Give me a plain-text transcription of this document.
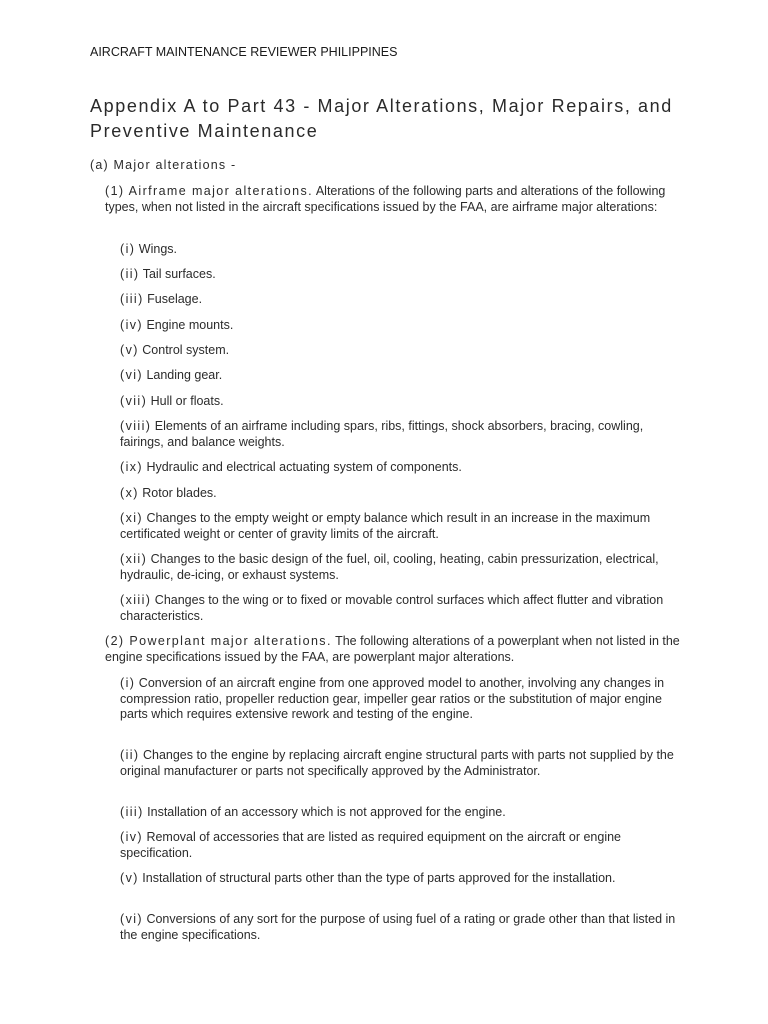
AIRCRAFT MAINTENANCE REVIEWER PHILIPPINES
Appendix A to Part 43 - Major Alterations, Major Repairs, and Preventive Maintenance
(a) Major alterations -
(1) Airframe major alterations. Alterations of the following parts and alterations of the following types, when not listed in the aircraft specifications issued by the FAA, are airframe major alterations:
(i) Wings.
(ii) Tail surfaces.
(iii) Fuselage.
(iv) Engine mounts.
(v) Control system.
(vi) Landing gear.
(vii) Hull or floats.
(viii) Elements of an airframe including spars, ribs, fittings, shock absorbers, bracing, cowling, fairings, and balance weights.
(ix) Hydraulic and electrical actuating system of components.
(x) Rotor blades.
(xi) Changes to the empty weight or empty balance which result in an increase in the maximum certificated weight or center of gravity limits of the aircraft.
(xii) Changes to the basic design of the fuel, oil, cooling, heating, cabin pressurization, electrical, hydraulic, de-icing, or exhaust systems.
(xiii) Changes to the wing or to fixed or movable control surfaces which affect flutter and vibration characteristics.
(2) Powerplant major alterations. The following alterations of a powerplant when not listed in the engine specifications issued by the FAA, are powerplant major alterations.
(i) Conversion of an aircraft engine from one approved model to another, involving any changes in compression ratio, propeller reduction gear, impeller gear ratios or the substitution of major engine parts which requires extensive rework and testing of the engine.
(ii) Changes to the engine by replacing aircraft engine structural parts with parts not supplied by the original manufacturer or parts not specifically approved by the Administrator.
(iii) Installation of an accessory which is not approved for the engine.
(iv) Removal of accessories that are listed as required equipment on the aircraft or engine specification.
(v) Installation of structural parts other than the type of parts approved for the installation.
(vi) Conversions of any sort for the purpose of using fuel of a rating or grade other than that listed in the engine specifications.
